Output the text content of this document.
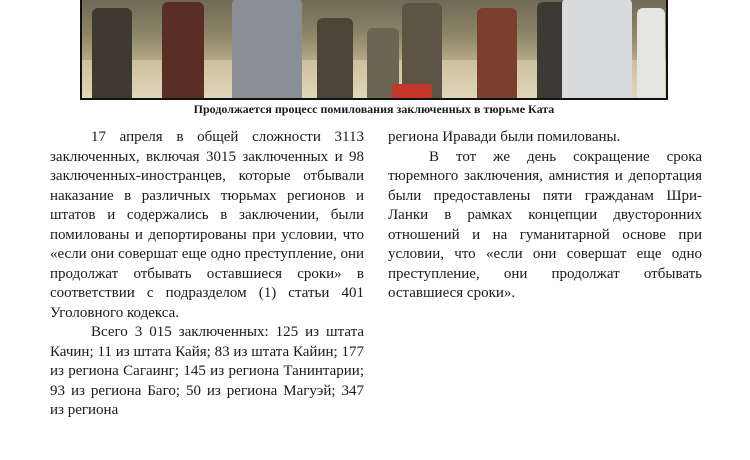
Продолжается процесс помилования заключенных в тюрьме Ката

17 апреля в общей сложности 3113 заключенных, включая 3015 заключенных и 98 заключенных-иностранцев, которые отбывали наказание в различных тюрьмах регионов и штатов и содержались в заключении, были помилованы и депортированы при условии, что «если они совершат еще одно преступление, они продолжат отбывать оставшиеся сроки» в соответствии с подразделом (1) статьи 401 Уголовного кодекса.

Всего 3 015 заключенных: 125 из штата Качин; 11 из штата Кайя; 83 из штата Кайин; 177 из региона Сагаинг; 145 из региона Танинтарии; 93 из региона Баго; 50 из региона Магуэй; 347 из региона

региона Иравади были помилованы.

В тот же день сокращение срока тюремного заключения, амнистия и депортация были предоставлены пяти гражданам Шри-Ланки в рамках концепции двусторонних отношений и на гуманитарной основе при условии, что «если они совершат еще одно преступление, они продолжат отбывать оставшиеся сроки».
